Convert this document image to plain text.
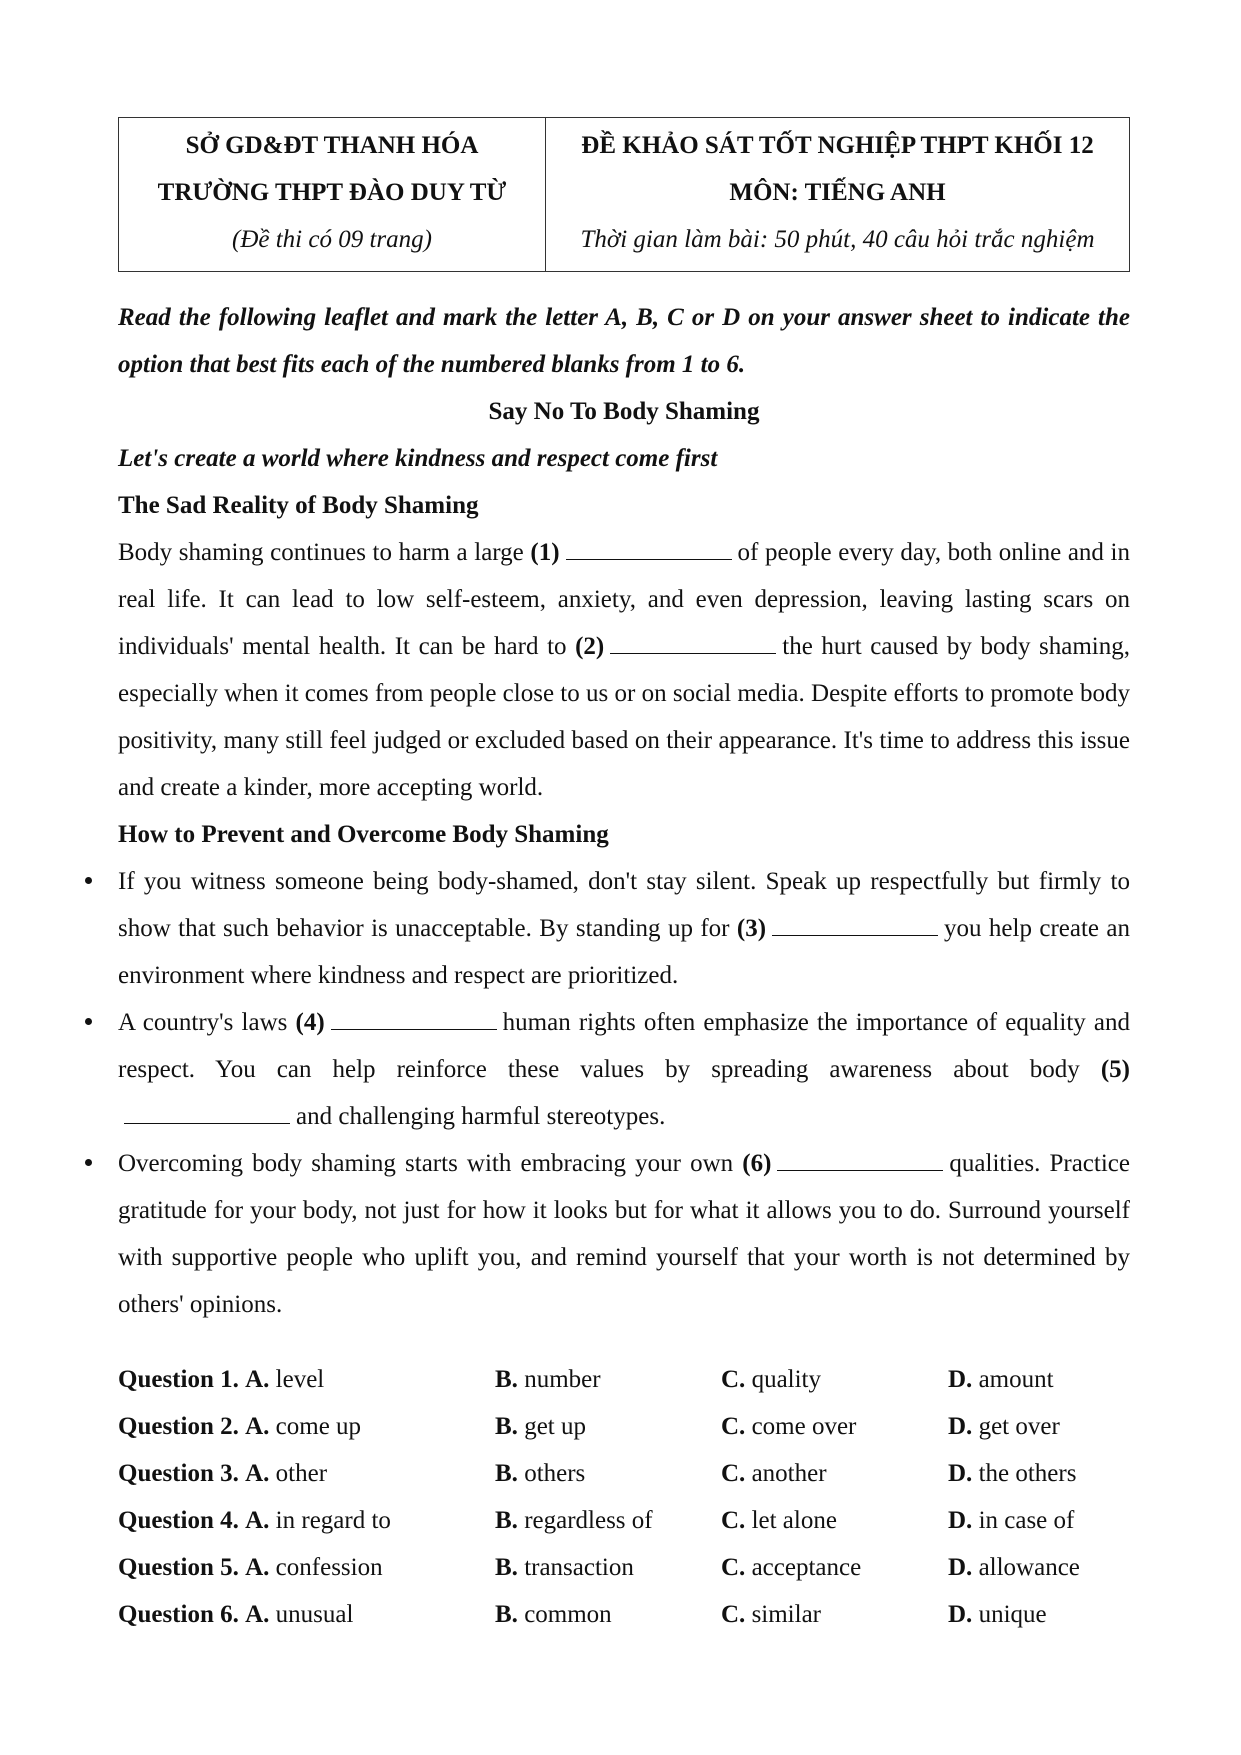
SỞ GD&ĐT THANH HÓA
TRƯỜNG THPT ĐÀO DUY TỪ
(Đề thi có 09 trang)

ĐỀ KHẢO SÁT TỐT NGHIỆP THPT KHỐI 12
MÔN: TIẾNG ANH
Thời gian làm bài: 50 phút, 40 câu hỏi trắc nghiệm
Read the following leaflet and mark the letter A, B, C or D on your answer sheet to indicate the option that best fits each of the numbered blanks from 1 to 6.
Say No To Body Shaming
Let's create a world where kindness and respect come first
The Sad Reality of Body Shaming
Body shaming continues to harm a large (1)	of people every day, both online and in real life. It can lead to low self-esteem, anxiety, and even depression, leaving lasting scars on individuals' mental health. It can be hard to (2)	the hurt caused by body shaming, especially when it comes from people close to us or on social media. Despite efforts to promote body positivity, many still feel judged or excluded based on their appearance. It's time to address this issue and create a kinder, more accepting world.
How to Prevent and Overcome Body Shaming
If you witness someone being body-shamed, don't stay silent. Speak up respectfully but firmly to show that such behavior is unacceptable. By standing up for (3)	you help create an environment where kindness and respect are prioritized.
A country's laws (4)	human rights often emphasize the importance of equality and respect. You can help reinforce these values by spreading awareness about body (5)and challenging harmful stereotypes.
Overcoming body shaming starts with embracing your own (6)	qualities. Practice gratitude for your body, not just for how it looks but for what it allows you to do. Surround yourself with supportive people who uplift you, and remind yourself that your worth is not determined by others' opinions.
Question 1. A. level	B. number	C. quality	D. amount
Question 2. A. come up	B. get up	C. come over	D. get over
Question 3. A. other	B. others	C. another	D. the others
Question 4. A. in regard to	B. regardless of	C. let alone	D. in case of
Question 5. A. confession	B. transaction	C. acceptance	D. allowance
Question 6. A. unusual	B. common	C. similar	D. unique
